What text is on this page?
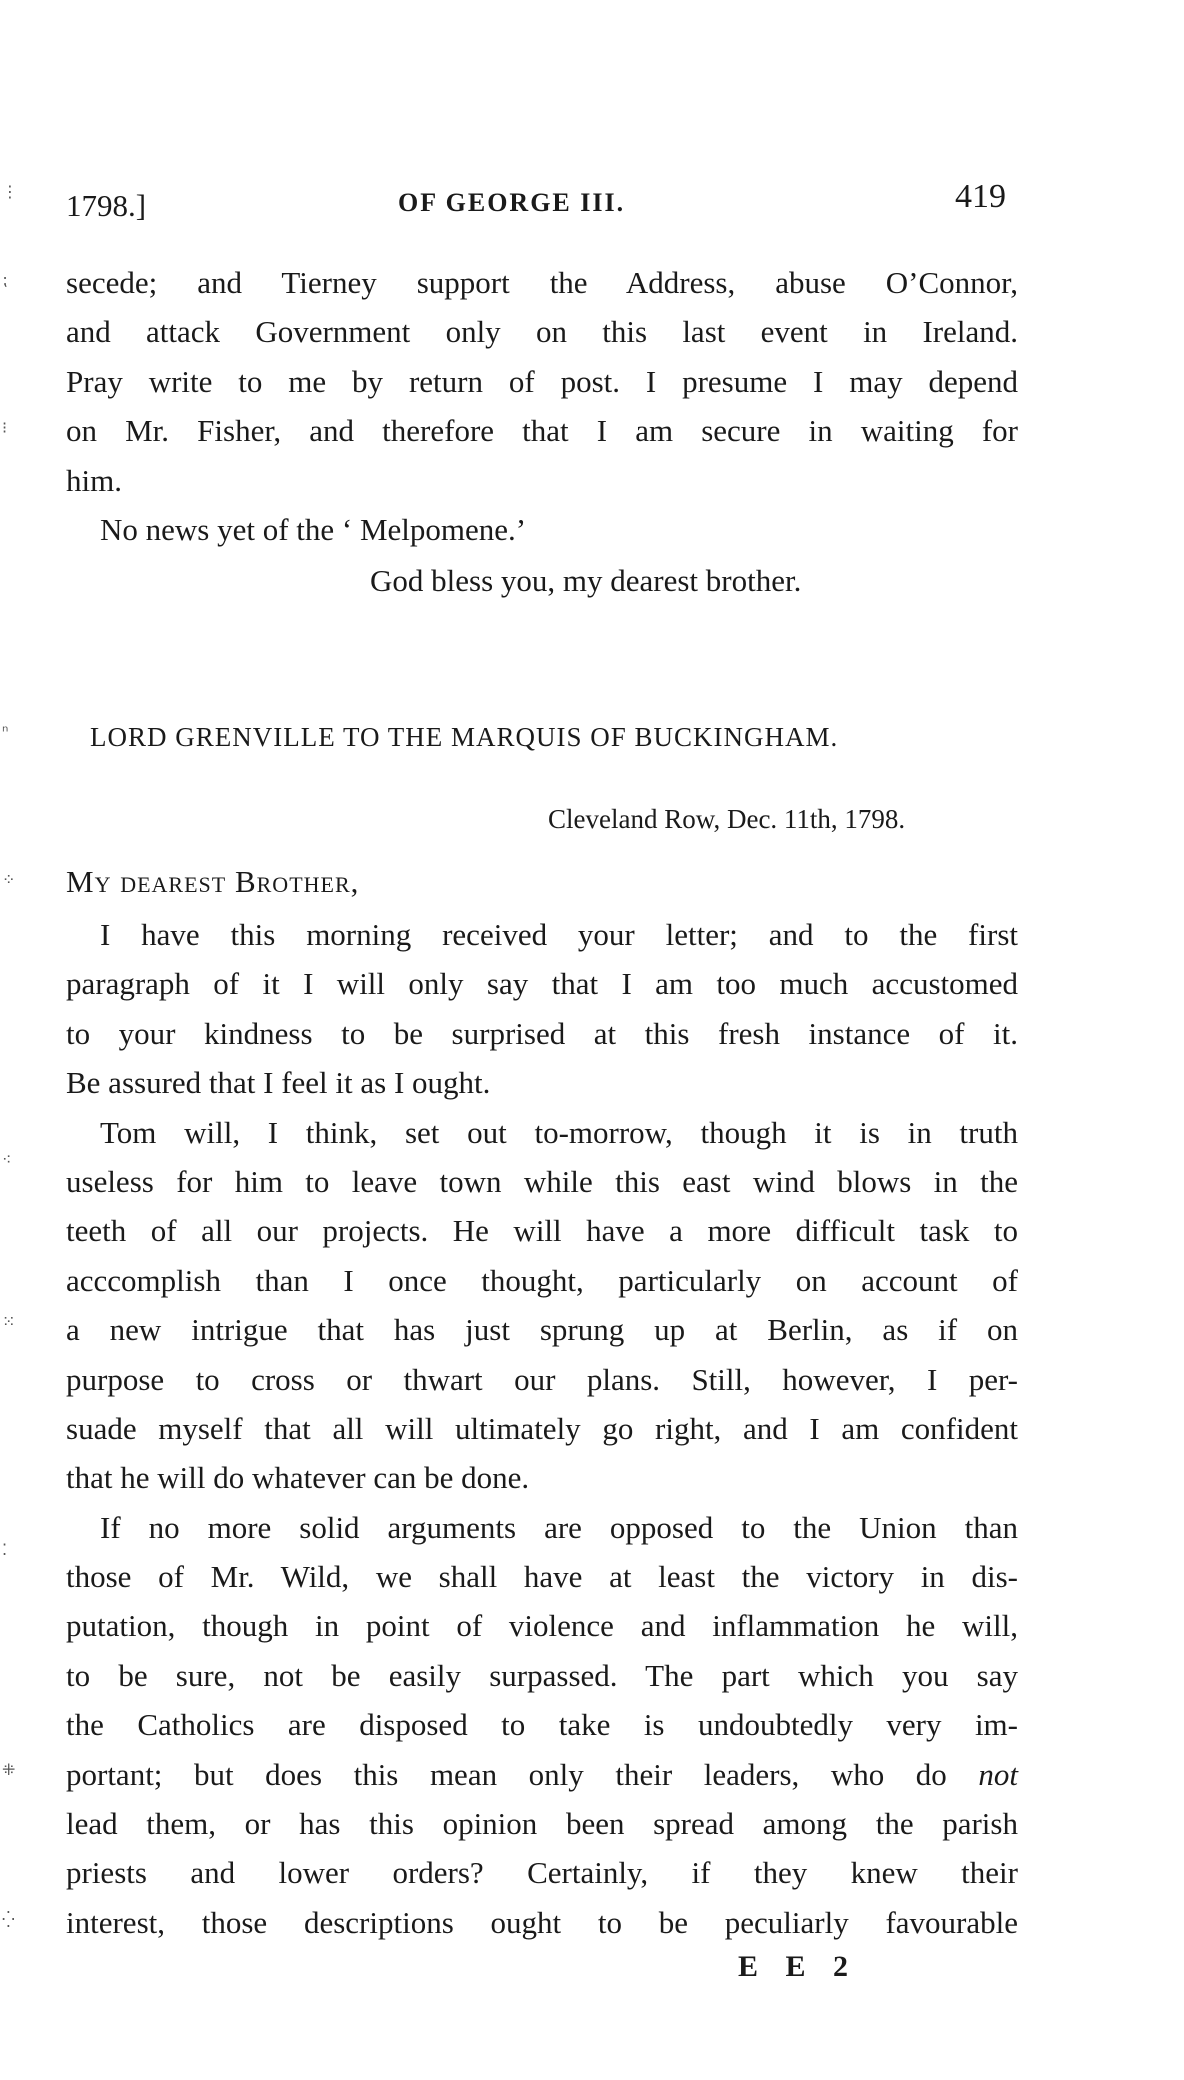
⋮
⁏
⁝
ⁿ
⁘
⁖
⁙
⁚
⁜
⁛
1798.]	OF GEORGE III.	419
secede; and Tierney support the Address, abuse O’Connor,
and attack Government only on this last event in Ireland.
Pray write to me by return of post. I presume I may depend
on Mr. Fisher, and therefore that I am secure in waiting for
him.
No news yet of the ‘ Melpomene.’
God bless you, my dearest brother.
LORD GRENVILLE TO THE MARQUIS OF BUCKINGHAM.
Cleveland Row, Dec. 11th, 1798.
My dearest Brother,
I have this morning received your letter; and to the first
paragraph of it I will only say that I am too much accustomed
to your kindness to be surprised at this fresh instance of it.
Be assured that I feel it as I ought.
Tom will, I think, set out to-morrow, though it is in truth
useless for him to leave town while this east wind blows in the
teeth of all our projects. He will have a more difficult task to
acccomplish than I once thought, particularly on account of
a new intrigue that has just sprung up at Berlin, as if on
purpose to cross or thwart our plans. Still, however, I per-
suade myself that all will ultimately go right, and I am confident
that he will do whatever can be done.
If no more solid arguments are opposed to the Union than
those of Mr. Wild, we shall have at least the victory in dis-
putation, though in point of violence and inflammation he will,
to be sure, not be easily surpassed. The part which you say
the Catholics are disposed to take is undoubtedly very im-
portant; but does this mean only their leaders, who do not
lead them, or has this opinion been spread among the parish
priests and lower orders? Certainly, if they knew their
interest, those descriptions ought to be peculiarly favourable
E E 2
